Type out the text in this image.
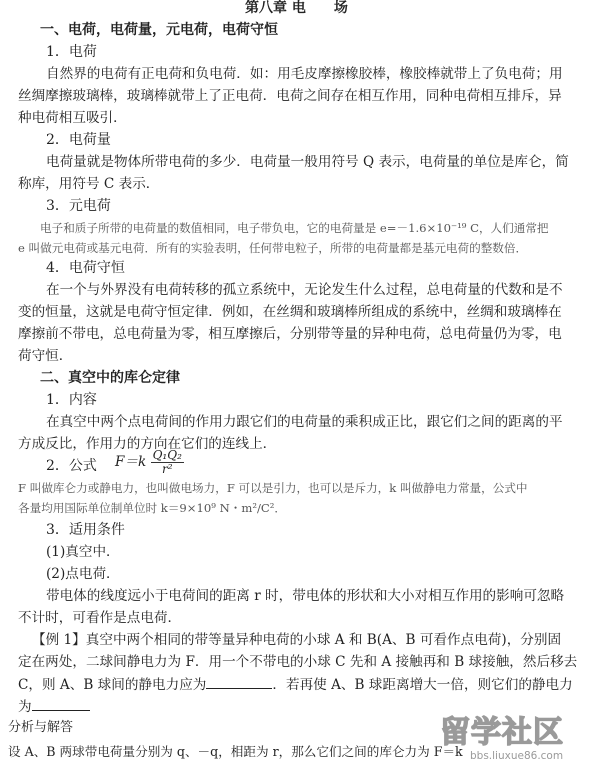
第八章 电　　场
一、电荷，电荷量，元电荷，电荷守恒
1．电荷
自然界的电荷有正电荷和负电荷．如：用毛皮摩擦橡胶棒，橡胶棒就带上了负电荷；用
丝绸摩擦玻璃棒，玻璃棒就带上了正电荷．电荷之间存在相互作用，同种电荷相互排斥，异
种电荷相互吸引．
2．电荷量
电荷量就是物体所带电荷的多少．电荷量一般用符号 Q 表示，电荷量的单位是库仑，简
称库，用符号 C 表示．
3．元电荷
电子和质子所带的电荷量的数值相同，电子带负电，它的电荷量是 e=－1.6×10⁻¹⁹ C，人们通常把
e 叫做元电荷或基元电荷．所有的实验表明，任何带电粒子，所带的电荷量都是基元电荷的整数倍．
4．电荷守恒
在一个与外界没有电荷转移的孤立系统中，无论发生什么过程，总电荷量的代数和是不
变的恒量，这就是电荷守恒定律．例如，在丝绸和玻璃棒所组成的系统中，丝绸和玻璃棒在
摩擦前不带电，总电荷量为零，相互摩擦后，分别带等量的异种电荷，总电荷量仍为零，电
荷守恒．
二、真空中的库仑定律
1．内容
在真空中两个点电荷间的作用力跟它们的电荷量的乘积成正比，跟它们之间的距离的平
方成反比，作用力的方向在它们的连线上．
2．公式 $F=k \frac{\text{Q₁Q₂}}{\text{r²}}$
F 叫做库仑力或静电力，也叫做电场力，F 可以是引力，也可以是斥力，k 叫做静电力常量，公式中
各量均用国际单位制单位时 k＝9×10⁹ N・m²/C²．
3．适用条件
(1)真空中．
(2)点电荷．
带电体的线度远小于电荷间的距离 r 时，带电体的形状和大小对相互作用的影响可忽略
不计时，可看作是点电荷．
【例 1】真空中两个相同的带等量异种电荷的小球 A 和 B(A、B 可看作点电荷)，分别固
定在两处，二球间静电力为 F．用一个不带电的小球 C 先和 A 接触再和 B 球接触，然后移去
C，则 A、B 球间的静电力应为	．若再使 A、B 球距离增大一倍，则它们的静电力
为
分析与解答
设 A、B 两球带电荷量分别为 q、－q，相距为 r，那么它们之间的库仑力为 F＝k
留学社区
bbs.liuxue86.com
